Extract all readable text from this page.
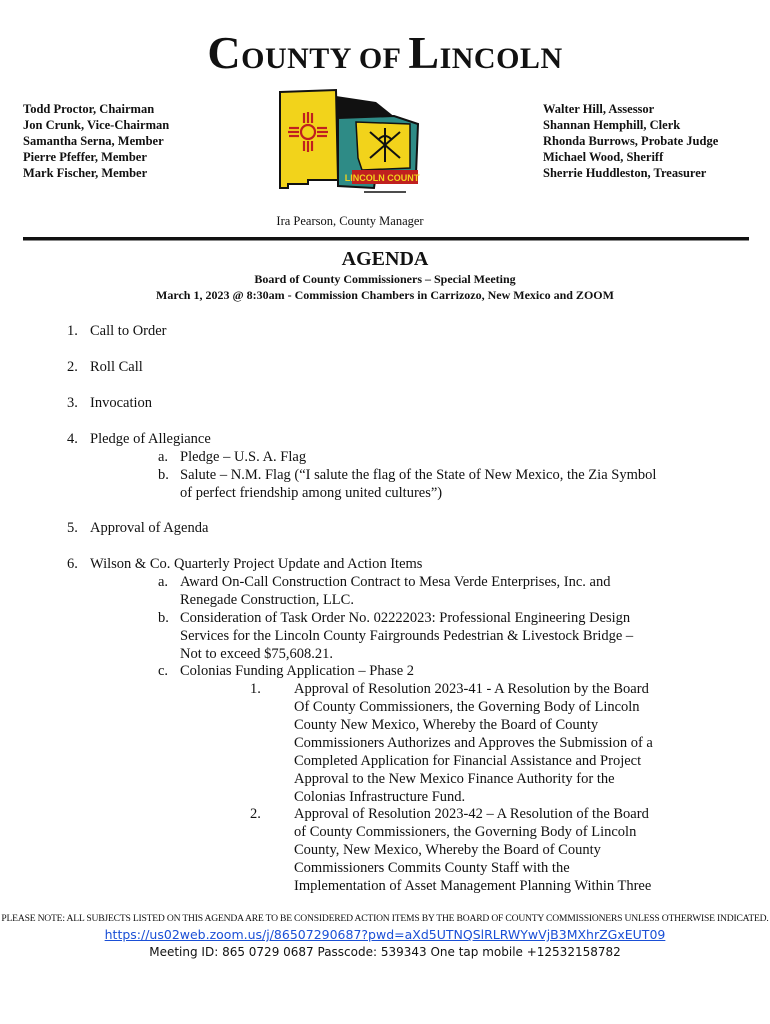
COUNTY OF LINCOLN
Todd Proctor, Chairman
Jon Crunk, Vice-Chairman
Samantha Serna, Member
Pierre Pfeffer, Member
Mark Fischer, Member
Walter Hill, Assessor
Shannan Hemphill, Clerk
Rhonda Burrows, Probate Judge
Michael Wood, Sheriff
Sherrie Huddleston, Treasurer
LINCOLN COUNTY
Ira Pearson, County Manager
AGENDA
Board of County Commissioners – Special Meeting
March 1, 2023 @ 8:30am - Commission Chambers in Carrizozo, New Mexico and ZOOM
1. Call to Order
2. Roll Call
3. Invocation
4. Pledge of Allegiance
a. Pledge – U.S. A. Flag
b. Salute – N.M. Flag (“I salute the flag of the State of New Mexico, the Zia Symbol
of perfect friendship among united cultures”)
5. Approval of Agenda
6. Wilson & Co. Quarterly Project Update and Action Items
a. Award On-Call Construction Contract to Mesa Verde Enterprises, Inc. and
Renegade Construction, LLC.
b. Consideration of Task Order No. 02222023: Professional Engineering Design
Services for the Lincoln County Fairgrounds Pedestrian & Livestock Bridge –
Not to exceed $75,608.21.
c. Colonias Funding Application – Phase 2
1. Approval of Resolution 2023-41 - A Resolution by the Board
Of County Commissioners, the Governing Body of Lincoln
County New Mexico, Whereby the Board of County
Commissioners Authorizes and Approves the Submission of a
Completed Application for Financial Assistance and Project
Approval to the New Mexico Finance Authority for the
Colonias Infrastructure Fund.
2. Approval of Resolution 2023-42 – A Resolution of the Board
of County Commissioners, the Governing Body of Lincoln
County, New Mexico, Whereby the Board of County
Commissioners Commits County Staff with the
Implementation of Asset Management Planning Within Three
PLEASE NOTE: ALL SUBJECTS LISTED ON THIS AGENDA ARE TO BE CONSIDERED ACTION ITEMS BY THE BOARD OF COUNTY COMMISSIONERS UNLESS OTHERWISE INDICATED.
https://us02web.zoom.us/j/86507290687?pwd=aXd5UTNQSlRLRWYwVjB3MXhrZGxEUT09
Meeting ID: 865 0729 0687 Passcode: 539343 One tap mobile +12532158782
